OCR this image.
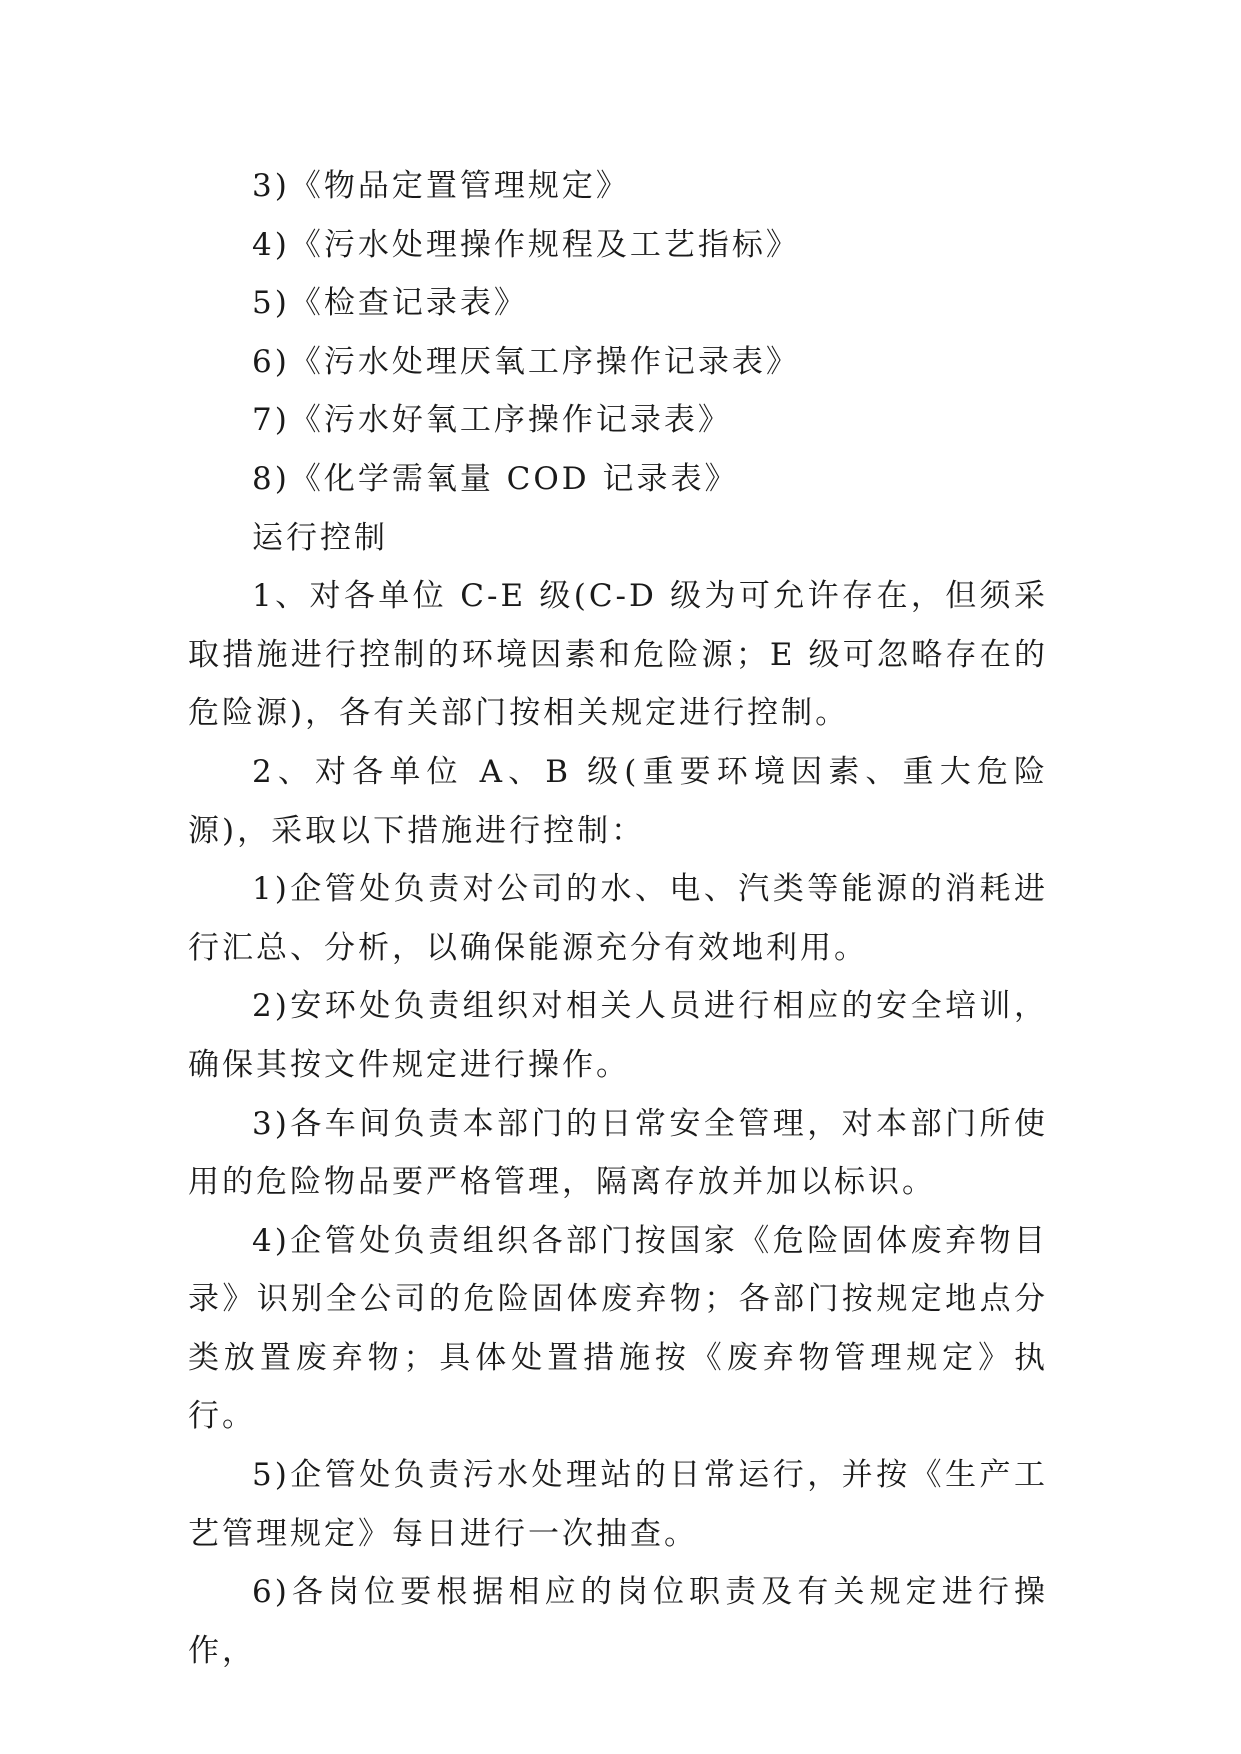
3)《物品定置管理规定》

4)《污水处理操作规程及工艺指标》

5)《检查记录表》

6)《污水处理厌氧工序操作记录表》

7)《污水好氧工序操作记录表》

8)《化学需氧量 COD 记录表》

运行控制

1、对各单位 C-E 级(C-D 级为可允许存在，但须采取措施进行控制的环境因素和危险源；E 级可忽略存在的危险源)，各有关部门按相关规定进行控制。

2、对各单位 A、B 级(重要环境因素、重大危险源)，采取以下措施进行控制：

1)企管处负责对公司的水、电、汽类等能源的消耗进行汇总、分析，以确保能源充分有效地利用。

2)安环处负责组织对相关人员进行相应的安全培训，确保其按文件规定进行操作。

3)各车间负责本部门的日常安全管理，对本部门所使用的危险物品要严格管理，隔离存放并加以标识。

4)企管处负责组织各部门按国家《危险固体废弃物目录》识别全公司的危险固体废弃物；各部门按规定地点分类放置废弃物；具体处置措施按《废弃物管理规定》执行。

5)企管处负责污水处理站的日常运行，并按《生产工艺管理规定》每日进行一次抽查。

6)各岗位要根据相应的岗位职责及有关规定进行操作，
